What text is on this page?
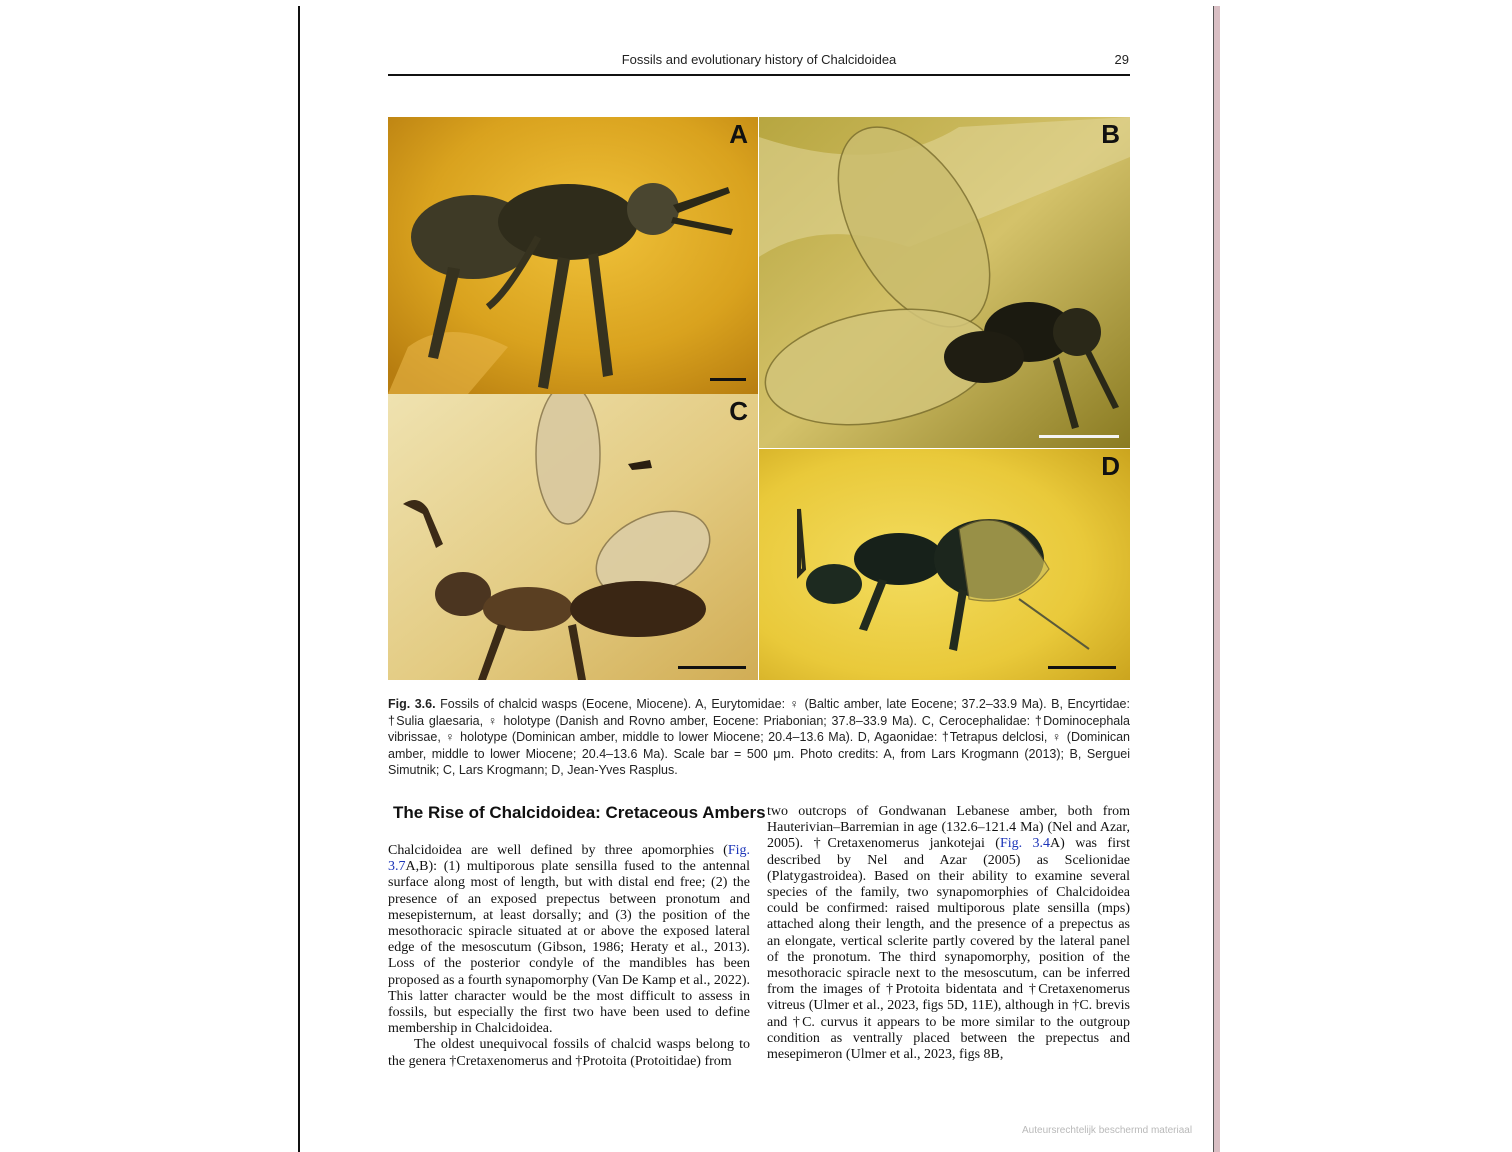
Fossils and evolutionary history of Chalcidoidea	29
A	B
C
D
Fig. 3.6. Fossils of chalcid wasps (Eocene, Miocene). A, Eurytomidae: ♀ (Baltic amber, late Eocene; 37.2–33.9 Ma). B, Encyrtidae: †Sulia glaesaria, ♀ holotype (Danish and Rovno amber, Eocene: Priabonian; 37.8–33.9 Ma). C, Cerocephalidae: †Dominocephala vibrissae, ♀ holotype (Dominican amber, middle to lower Miocene; 20.4–13.6 Ma). D, Agaonidae: †Tetrapus delclosi, ♀ (Dominican amber, middle to lower Miocene; 20.4–13.6 Ma). Scale bar = 500 μm. Photo credits: A, from Lars Krogmann (2013); B, Serguei Simutnik; C, Lars Krogmann; D, Jean-Yves Rasplus.
The Rise of Chalcidoidea: Cretaceous Ambers

Chalcidoidea are well defined by three apomorphies (Fig. 3.7A,B): (1) multiporous plate sensilla fused to the antennal surface along most of length, but with distal end free; (2) the presence of an exposed prepectus between pronotum and mesepisternum, at least dorsally; and (3) the position of the mesothoracic spiracle situated at or above the exposed lateral edge of the mesoscutum (Gibson, 1986; Heraty et al., 2013). Loss of the posterior condyle of the mandibles has been proposed as a fourth synapomorphy (Van De Kamp et al., 2022). This latter character would be the most difficult to assess in fossils, but especially the first two have been used to define membership in Chalcidoidea.

The oldest unequivocal fossils of chalcid wasps belong to the genera †Cretaxenomerus and †Protoita (Protoitidae) from

two outcrops of Gondwanan Lebanese amber, both from Hauterivian–Barremian in age (132.6–121.4 Ma) (Nel and Azar, 2005). †Cretaxenomerus jankotejai (Fig. 3.4A) was first described by Nel and Azar (2005) as Scelionidae (Platygastroidea). Based on their ability to examine several species of the family, two synapomorphies of Chalcidoidea could be confirmed: raised multiporous plate sensilla (mps) attached along their length, and the presence of a prepectus as an elongate, vertical sclerite partly covered by the lateral panel of the pronotum. The third synapomorphy, position of the mesothoracic spiracle next to the mesoscutum, can be inferred from the images of †Protoita bidentata and †Cretaxenomerus vitreus (Ulmer et al., 2023, figs 5D, 11E), although in †C. brevis and †C. curvus it appears to be more similar to the outgroup condition as ventrally placed between the prepectus and mesepimeron (Ulmer et al., 2023, figs 8B,

Auteursrechtelijk beschermd materiaal
